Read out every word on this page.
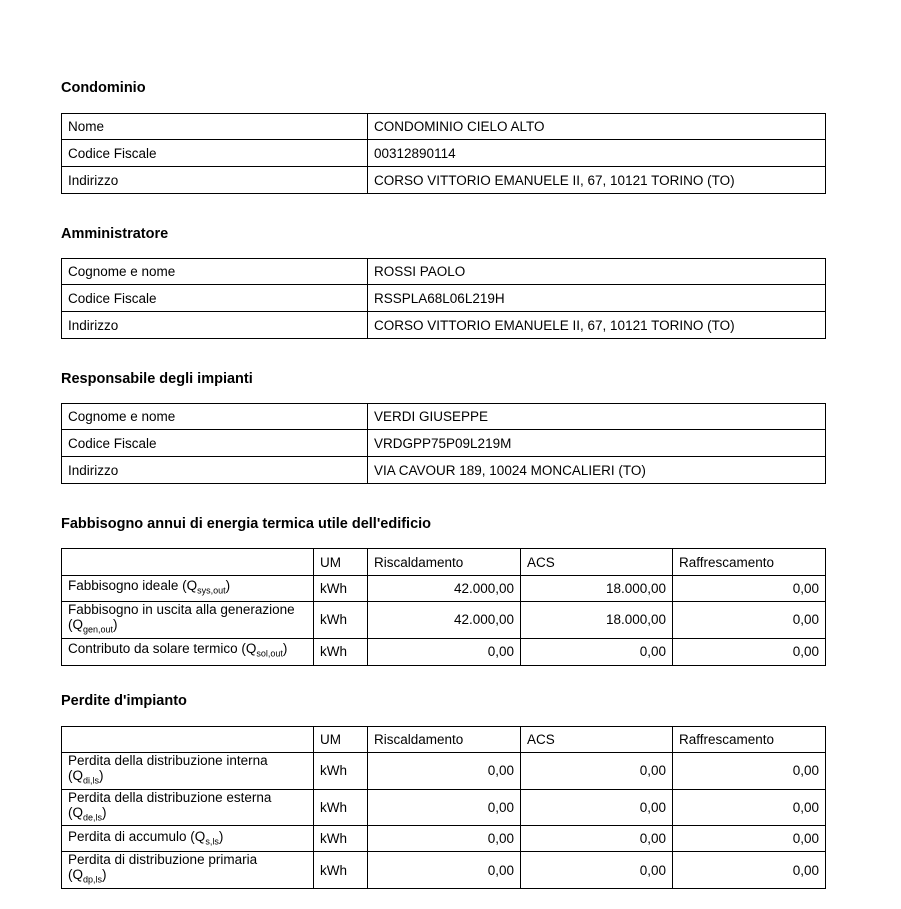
Condominio
Nome	CONDOMINIO CIELO ALTO
Codice Fiscale	00312890114
Indirizzo	CORSO VITTORIO EMANUELE II, 67, 10121 TORINO (TO)
Amministratore
Cognome e nome	ROSSI PAOLO
Codice Fiscale	RSSPLA68L06L219H
Indirizzo	CORSO VITTORIO EMANUELE II, 67, 10121 TORINO (TO)
Responsabile degli impianti
Cognome e nome	VERDI GIUSEPPE
Codice Fiscale	VRDGPP75P09L219M
Indirizzo	VIA CAVOUR 189, 10024 MONCALIERI (TO)
Fabbisogno annui di energia termica utile dell'edificio
	UM	Riscaldamento	ACS	Raffrescamento
Fabbisogno ideale $(Q_{sys,out})$	kWh	42.000,00	18.000,00	0,00
Fabbisogno in uscita alla generazione
$(Q_{gen,out})$	kWh	42.000,00	18.000,00	0,00
Contributo da solare termico $(Q_{sol,out})$	kWh	0,00	0,00	0,00
Perdite d'impianto
	UM	Riscaldamento	ACS	Raffrescamento
Perdita della distribuzione interna
$(Q_{di,ls})$	kWh	0,00	0,00	0,00
Perdita della distribuzione esterna
$(Q_{de,ls})$	kWh	0,00	0,00	0,00
Perdita di accumulo $(Q_{s,ls})$	kWh	0,00	0,00	0,00
Perdita di distribuzione primaria
$(Q_{dp,ls})$	kWh	0,00	0,00	0,00
